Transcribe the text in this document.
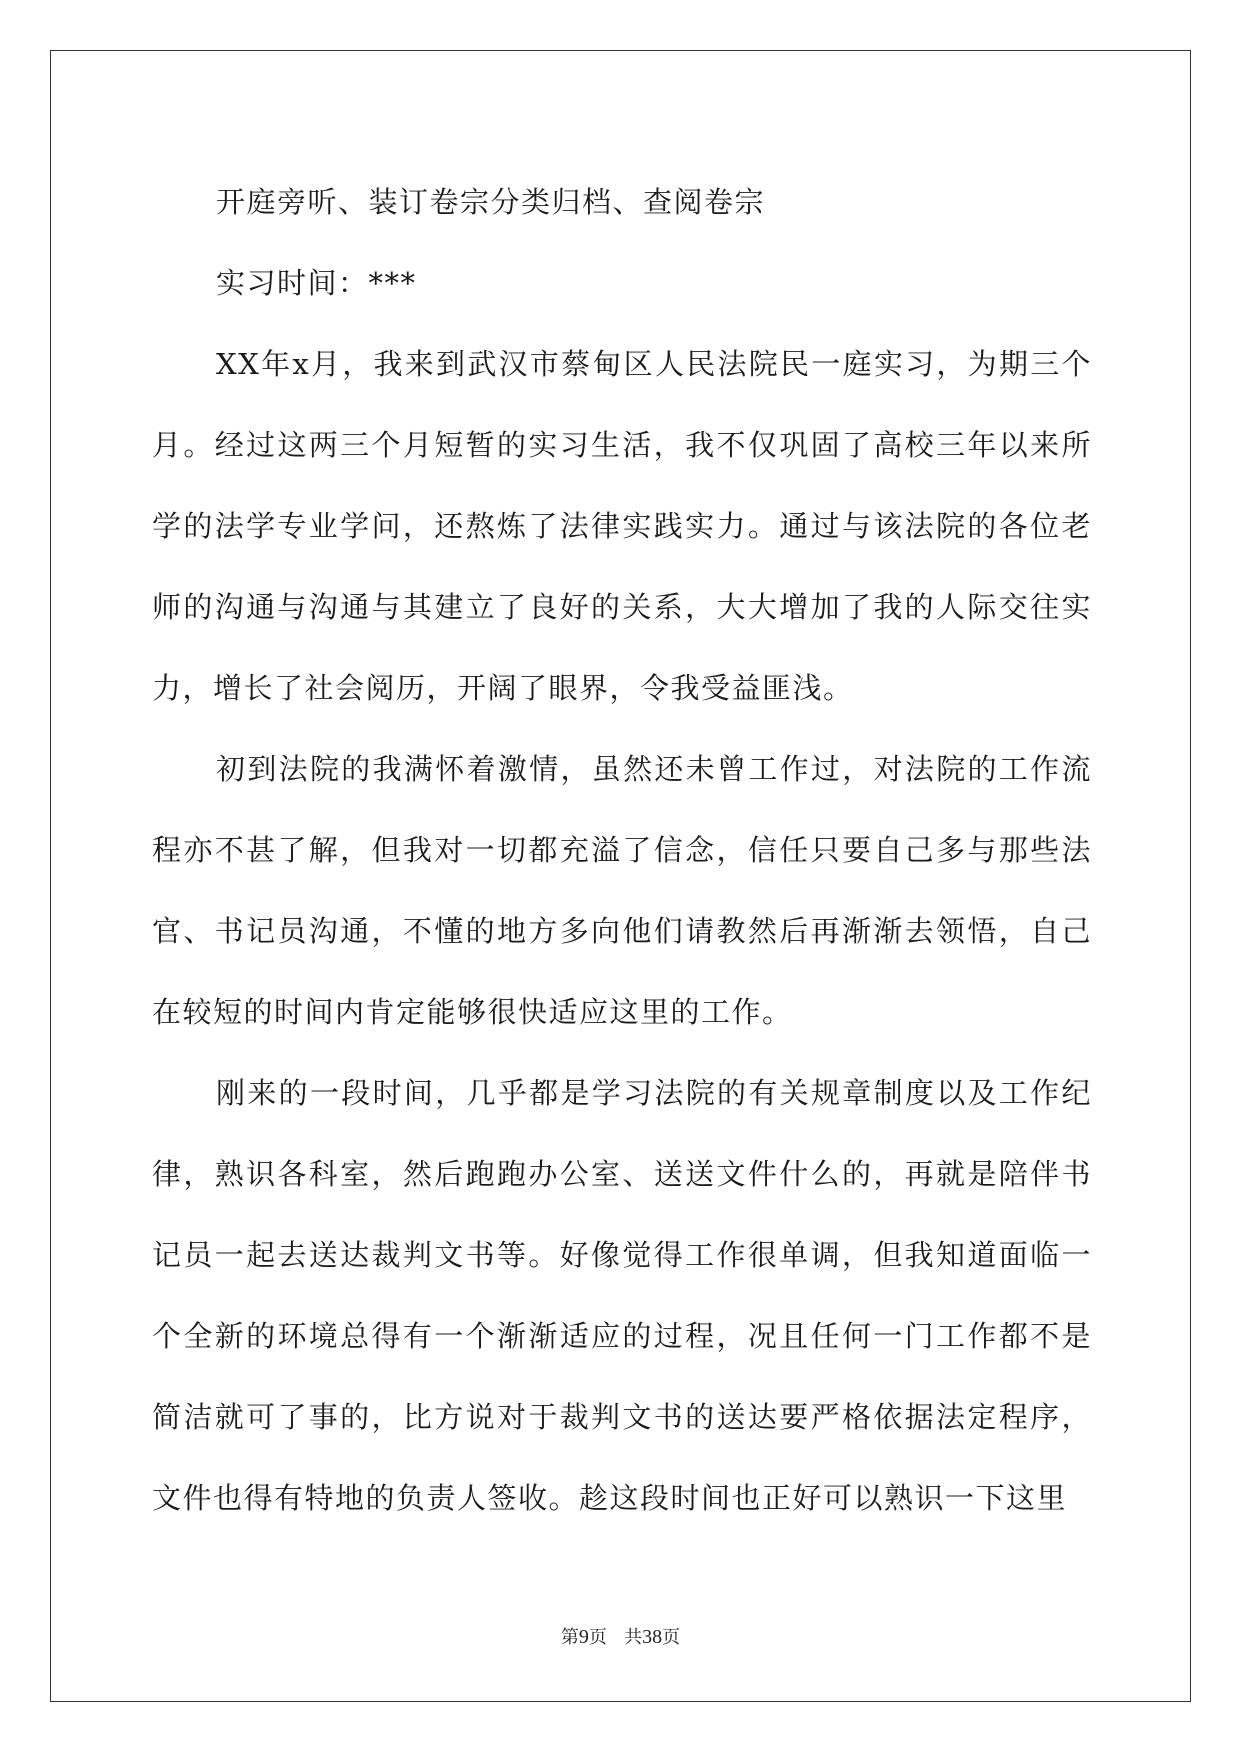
开庭旁听、装订卷宗分类归档、查阅卷宗

实习时间：***

XX年x月，我来到武汉市蔡甸区人民法院民一庭实习，为期三个月。经过这两三个月短暂的实习生活，我不仅巩固了高校三年以来所学的法学专业学问，还熬炼了法律实践实力。通过与该法院的各位老师的沟通与沟通与其建立了良好的关系，大大增加了我的人际交往实力，增长了社会阅历，开阔了眼界，令我受益匪浅。

初到法院的我满怀着激情，虽然还未曾工作过，对法院的工作流程亦不甚了解，但我对一切都充溢了信念，信任只要自己多与那些法官、书记员沟通，不懂的地方多向他们请教然后再渐渐去领悟，自己在较短的时间内肯定能够很快适应这里的工作。

刚来的一段时间，几乎都是学习法院的有关规章制度以及工作纪律，熟识各科室，然后跑跑办公室、送送文件什么的，再就是陪伴书记员一起去送达裁判文书等。好像觉得工作很单调，但我知道面临一个全新的环境总得有一个渐渐适应的过程，况且任何一门工作都不是简洁就可了事的，比方说对于裁判文书的送达要严格依据法定程序，文件也得有特地的负责人签收。趁这段时间也正好可以熟识一下这里

第9页 共38页
